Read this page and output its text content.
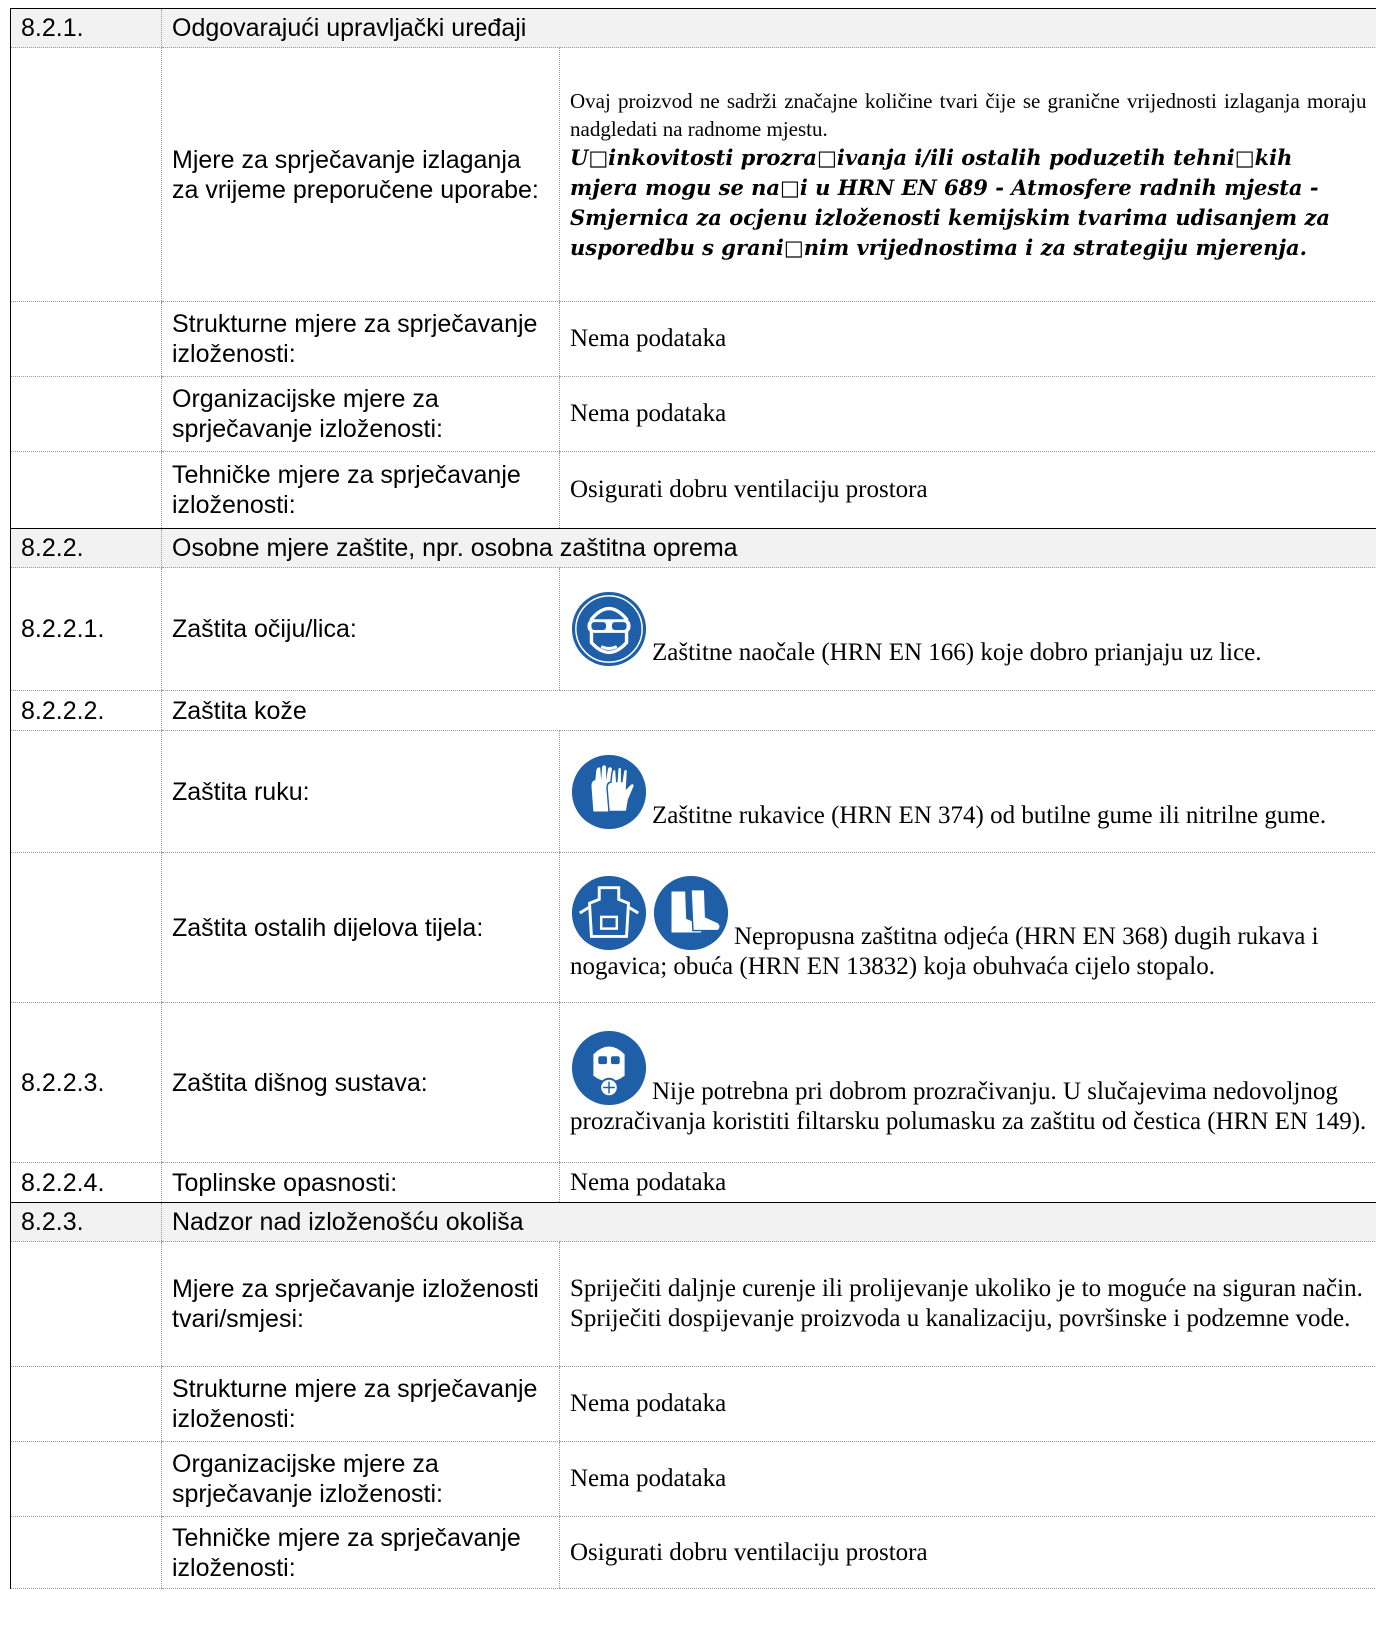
8.2.1.	Odgovarajući upravljački uređaji	
	Mjere za sprječavanje izlaganja za vrijeme preporučene uporabe:	Ovaj proizvod ne sadrži značajne količine tvari čije se granične vrijednosti izlaganja moraju nadgledati na radnome mjestu.
U□inkovitosti prozra□ivanja i/ili ostalih poduzetih tehni□kih mjera mogu se na□i u HRN EN 689 - Atmosfere radnih mjesta - Smjernica za ocjenu izloženosti kemijskim tvarima udisanjem za usporedbu s grani□nim vrijednostima i za strategiju mjerenja.

	Strukturne mjere za sprječavanje izloženosti:	Nema podataka
	Organizacijske mjere za sprječavanje izloženosti:	Nema podataka
	Tehničke mjere za sprječavanje izloženosti:	Osigurati dobru ventilaciju prostora
8.2.2.	Osobne mjere zaštite, npr. osobna zaštitna oprema	
8.2.2.1.	Zaštita očiju/lica:	Zaštitne naočale (HRN EN 166) koje dobro prianjaju uz lice.
8.2.2.2.	Zaštita kože	
	Zaštita ruku:	Zaštitne rukavice (HRN EN 374) od butilne gume ili nitrilne gume.
	Zaštita ostalih dijelova tijela:	Nepropusna zaštitna odjeća (HRN EN 368) dugih rukava i nogavica; obuća (HRN EN 13832) koja obuhvaća cijelo stopalo.
8.2.2.3.	Zaštita dišnog sustava:	Nije potrebna pri dobrom prozračivanju. U slučajevima nedovoljnog prozračivanja koristiti filtarsku polumasku za zaštitu od čestica (HRN EN 149).
8.2.2.4.	Toplinske opasnosti:	Nema podataka
8.2.3.	Nadzor nad izloženošću okoliša	
	Mjere za sprječavanje izloženosti tvari/smjesi:	Spriječiti daljnje curenje ili prolijevanje ukoliko je to moguće na siguran način. Spriječiti dospijevanje proizvoda u kanalizaciju, površinske i podzemne vode.
	Strukturne mjere za sprječavanje izloženosti:	Nema podataka
	Organizacijske mjere za sprječavanje izloženosti:	Nema podataka
	Tehničke mjere za sprječavanje izloženosti:	Osigurati dobru ventilaciju prostora
